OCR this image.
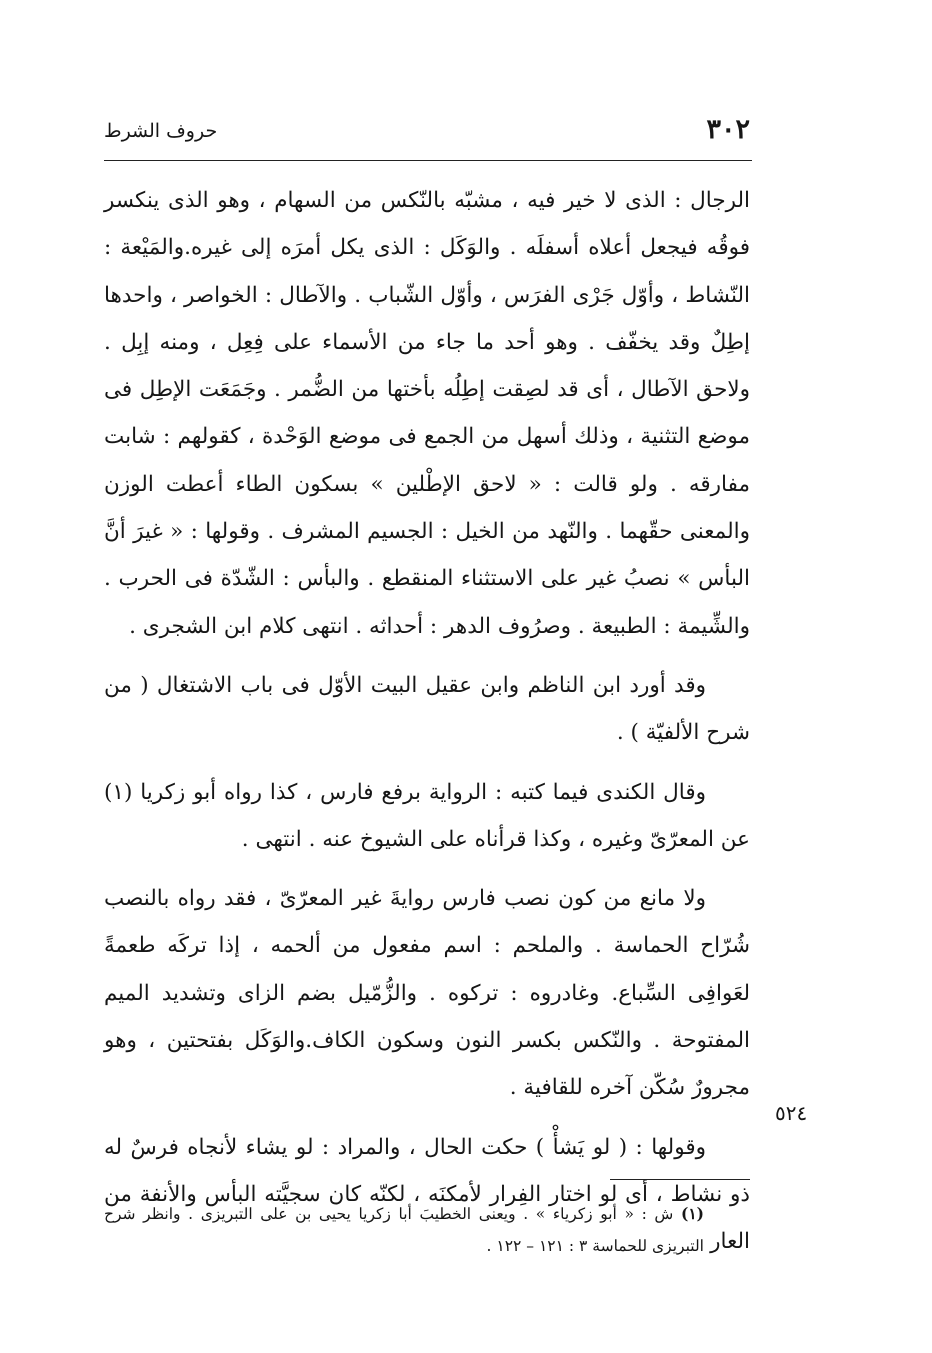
٣٠٢
حروف الشرط

الرجال : الذى لا خير فيه ، مشبّه بالنّكس من السهام ، وهو الذى ينكسر فوقُه فيجعل أعلاه أسفلَه . والوَكَل : الذى يكل أمرَه إلى غيره.والمَيْعة : النّشاط ، وأوّل جَرْى الفرَس ، وأوّل الشّباب . والآطال : الخواصر ، واحدها إطِلٌ وقد يخفّف . وهو أحد ما جاء من الأسماء على فِعِل ، ومنه إبِل . ولاحق الآطال ، أى قد لصِقت إطِلُه بأختها من الضُّمر . وجَمَعَت الإطِل فى موضع التثنية ، وذلك أسهل من الجمع فى موضع الوَحْدة ، كقولهم : شابت مفارقه . ولو قالت : « لاحق الإطْلين » بسكون الطاء أعطت الوزن والمعنى حقّهما . والنّهد من الخيل : الجسيم المشرف . وقولها : « غيرَ أنَّ البأس » نصبُ غير على الاستثناء المنقطع . والبأس : الشّدّة فى الحرب . والشِّيمة : الطبيعة . وصرُوف الدهر : أحداثه . انتهى كلام ابن الشجرى .

وقد أورد ابن الناظم وابن عقيل البيت الأوّل فى باب الاشتغال ( من شرح الألفيّة ) .

وقال الكندى فيما كتبه : الرواية برفع فارس ، كذا رواه أبو زكريا (١) عن المعرّىّ وغيره ، وكذا قرأناه على الشيوخ عنه . انتهى .

ولا مانع من كون نصب فارس روايةَ غير المعرّىّ ، فقد رواه بالنصب شُرّاح الحماسة . والملحم : اسم مفعول من ألحمه ، إذا تركَه طعمةً لعَوافِى السِّباع. وغادروه : تركوه . والزُّمّيل بضم الزاى وتشديد الميم المفتوحة . والنّكس بكسر النون وسكون الكاف.والوَكَل بفتحتين ، وهو مجرورٌ سُكّن آخره للقافية .

وقولها : ( لو يَشأْ ) حكت الحال ، والمراد : لو يشاء لأنجاه فرسٌ له ذو نشاط ، أى لو اختار الفِرار لأمكنَه ، لكنّه كان سجيَّته البأس والأنفة من العار

٥٢٤

(١) ش : « أبو زكرياء » . ويعنى الخطيبَ أبا زكريا يحيى بن على التبريزى . وانظر شرح التبريزى للحماسة ٣ : ١٢١ – ١٢٢ .
